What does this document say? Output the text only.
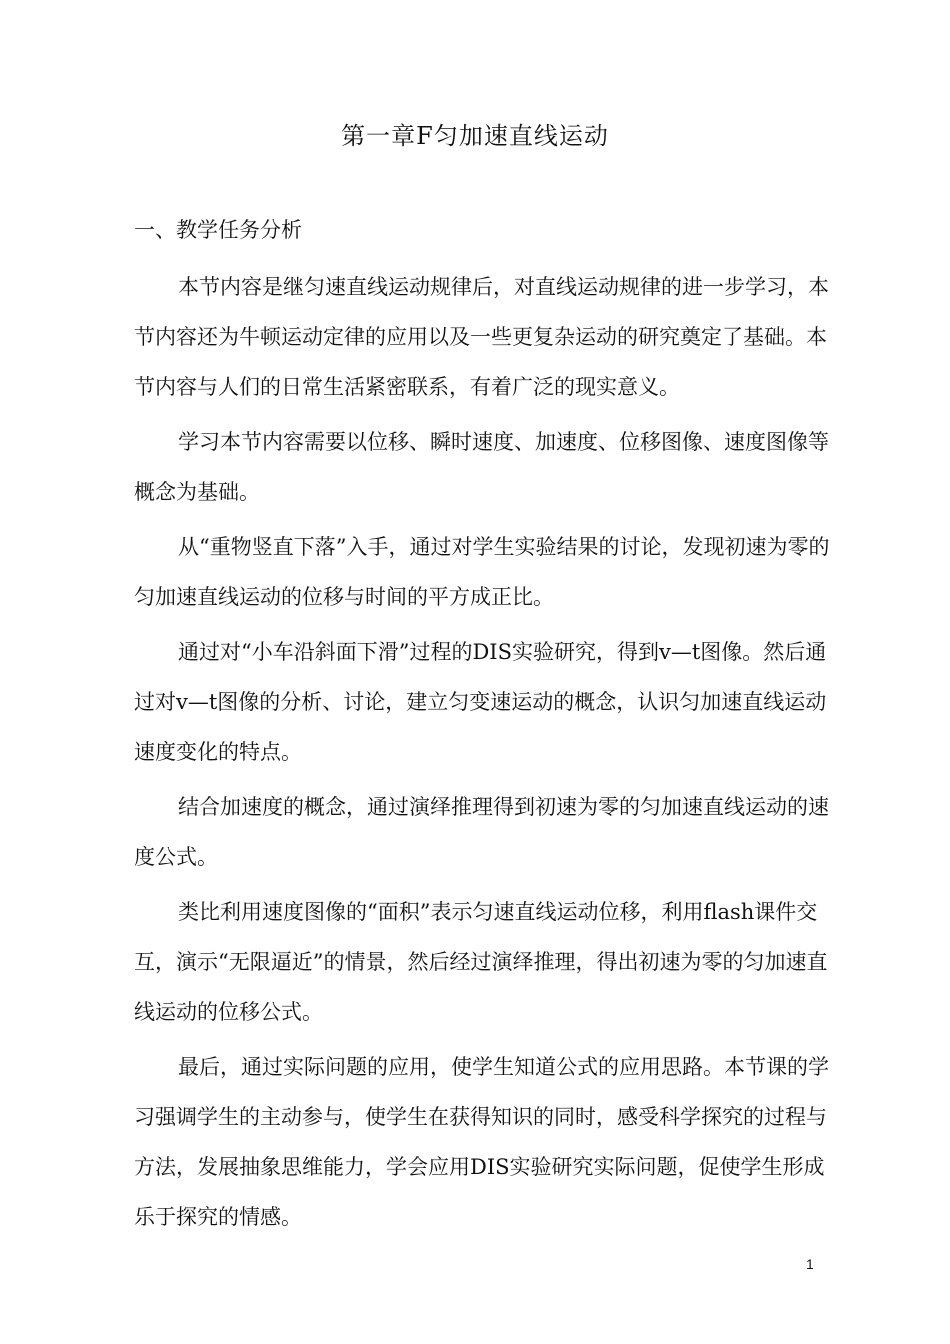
第一章F匀加速直线运动
一、教学任务分析

本节内容是继匀速直线运动规律后，对直线运动规律的进一步学习，本节内容还为牛顿运动定律的应用以及一些更复杂运动的研究奠定了基础。本节内容与人们的日常生活紧密联系，有着广泛的现实意义。

学习本节内容需要以位移、瞬时速度、加速度、位移图像、速度图像等概念为基础。

从“重物竖直下落”入手，通过对学生实验结果的讨论，发现初速为零的匀加速直线运动的位移与时间的平方成正比。

通过对“小车沿斜面下滑”过程的DIS实验研究，得到v—t图像。然后通过对v—t图像的分析、讨论，建立匀变速运动的概念，认识匀加速直线运动速度变化的特点。

结合加速度的概念，通过演绎推理得到初速为零的匀加速直线运动的速度公式。

类比利用速度图像的“面积”表示匀速直线运动位移，利用flash课件交互，演示“无限逼近”的情景，然后经过演绎推理，得出初速为零的匀加速直线运动的位移公式。

最后，通过实际问题的应用，使学生知道公式的应用思路。本节课的学习强调学生的主动参与，使学生在获得知识的同时，感受科学探究的过程与方法，发展抽象思维能力，学会应用DIS实验研究实际问题，促使学生形成乐于探究的情感。

1
